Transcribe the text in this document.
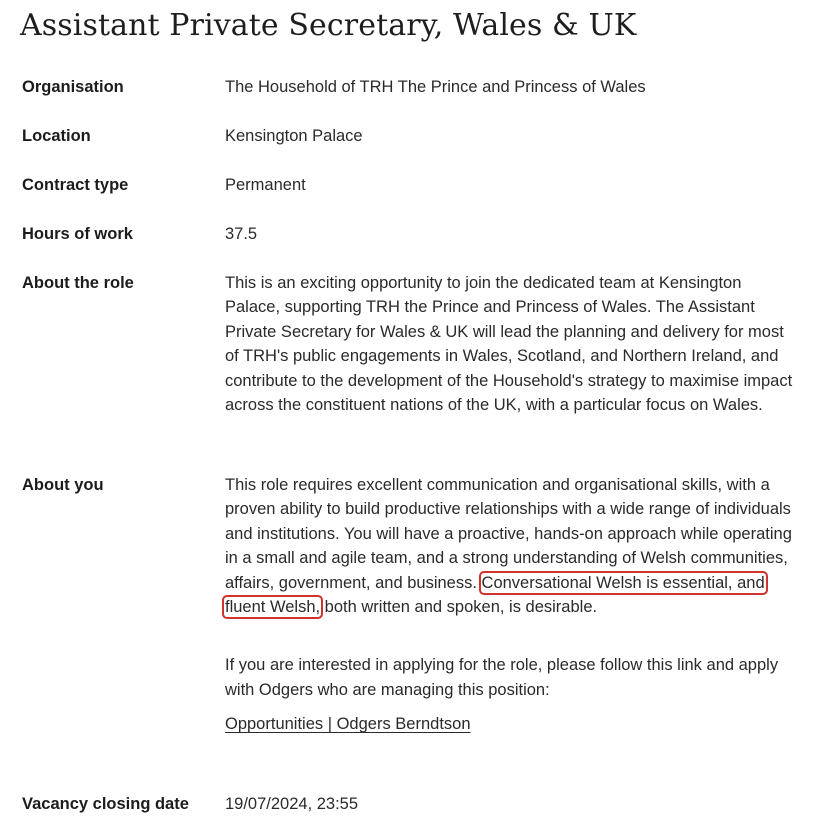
Assistant Private Secretary, Wales & UK
Organisation	The Household of TRH The Prince and Princess of Wales
Location	Kensington Palace
Contract type	Permanent
Hours of work	37.5
About the role	This is an exciting opportunity to join the dedicated team at Kensington Palace, supporting TRH the Prince and Princess of Wales. The Assistant Private Secretary for Wales & UK will lead the planning and delivery for most of TRH's public engagements in Wales, Scotland, and Northern Ireland, and contribute to the development of the Household's strategy to maximise impact across the constituent nations of the UK, with a particular focus on Wales.
About you	This role requires excellent communication and organisational skills, with a proven ability to build productive relationships with a wide range of individuals and institutions. You will have a proactive, hands-on approach while operating in a small and agile team, and a strong understanding of Welsh communities, affairs, government, and business. Conversational Welsh is essential, and fluent Welsh, both written and spoken, is desirable.

If you are interested in applying for the role, please follow this link and apply with Odgers who are managing this position:

Opportunities | Odgers Berndtson

Vacancy closing date 19/07/2024, 23:55
